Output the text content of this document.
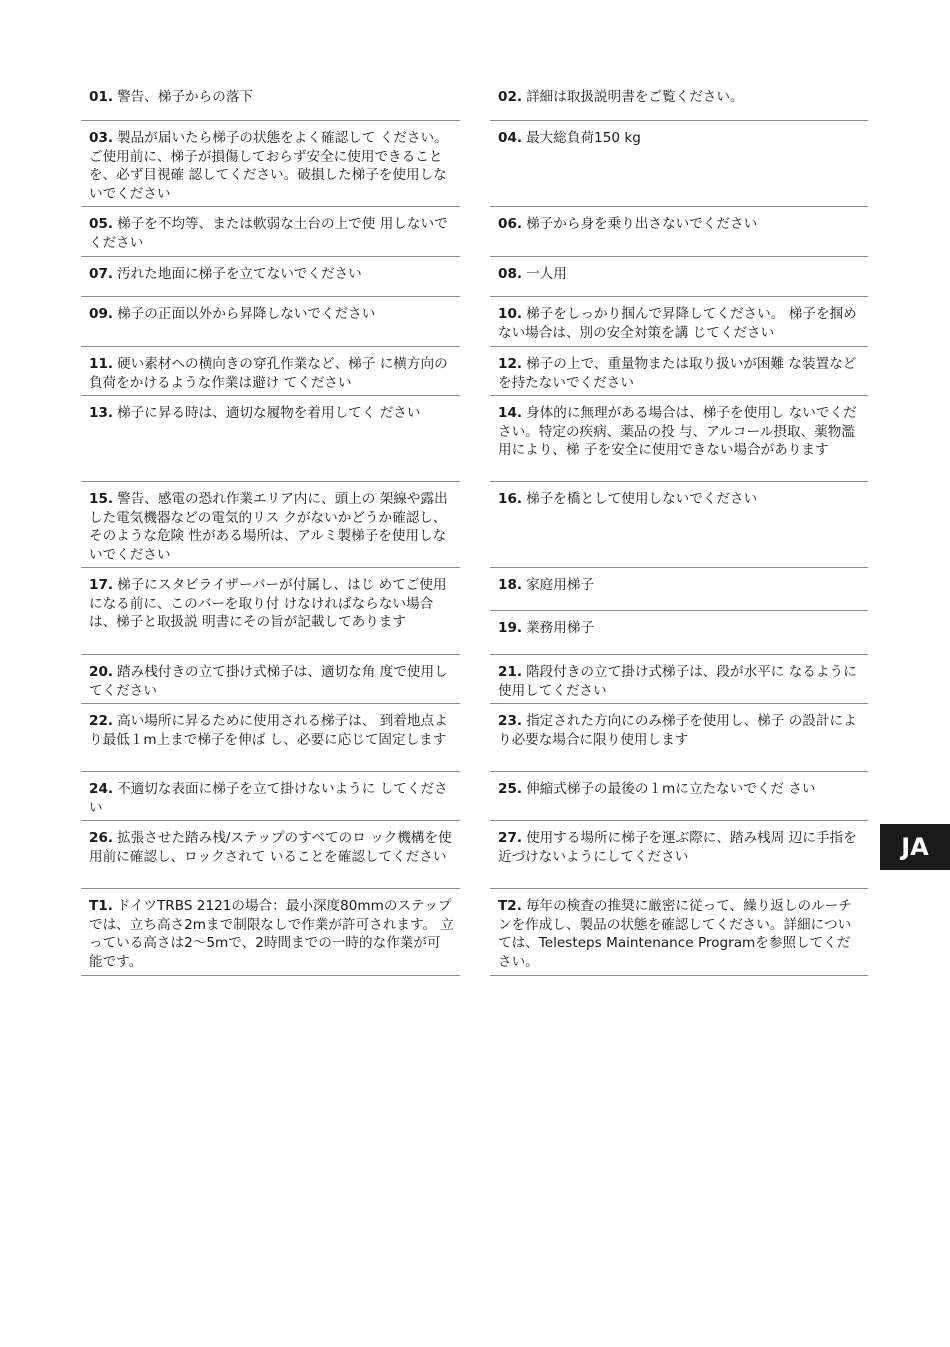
01. 警告、梯子からの落下
03. 製品が届いたら梯子の状態をよく確認して ください。ご使用前に、梯子が損傷しておらず安全に使用できることを、必ず目視確 認してください。破損した梯子を使用しな いでください
05. 梯子を不均等、または軟弱な土台の上で使 用しないでください
07. 汚れた地面に梯子を立てないでください
09. 梯子の正面以外から昇降しないでください
11. 硬い素材への横向きの穿孔作業など、梯子 に横方向の負荷をかけるような作業は避け てください
13. 梯子に昇る時は、適切な履物を着用してく ださい
15. 警告、感電の恐れ作業エリア内に、頭上の 架線や露出した電気機器などの電気的リス クがないかどうか確認し、そのような危険 性がある場所は、アルミ製梯子を使用しな いでください
17. 梯子にスタビライザーバーが付属し、はじ めてご使用になる前に、このバーを取り付 けなければならない場合は、梯子と取扱説 明書にその旨が記載してあります
20. 踏み桟付きの立て掛け式梯子は、適切な角 度で使用してください
22. 高い場所に昇るために使用される梯子は、 到着地点より最低１m上まで梯子を伸ば し、必要に応じて固定します
24. 不適切な表面に梯子を立て掛けないように してください
26. 拡張させた踏み桟/ステップのすべてのロ ック機構を使用前に確認し、ロックされて いることを確認してください
T1. ドイツTRBS 2121の場合：最小深度80mmのステップでは、立ち高さ2mまで制限なしで作業が許可されます。 立っている高さは2～5mで、2時間までの一時的な作業が可能です。
02. 詳細は取扱説明書をご覧ください。
04. 最大総負荷150 kg
06. 梯子から身を乗り出さないでください
08. 一人用
10. 梯子をしっかり掴んで昇降してください。 梯子を掴めない場合は、別の安全対策を講 じてください
12. 梯子の上で、重量物または取り扱いが困難 な装置などを持たないでください
14. 身体的に無理がある場合は、梯子を使用し ないでください。特定の疾病、薬品の投 与、アルコール摂取、薬物濫用により、梯 子を安全に使用できない場合があります
16. 梯子を橋として使用しないでください
18. 家庭用梯子
19. 業務用梯子
21. 階段付きの立て掛け式梯子は、段が水平に なるように使用してください
23. 指定された方向にのみ梯子を使用し、梯子 の設計により必要な場合に限り使用します
25. 伸縮式梯子の最後の１mに立たないでくだ さい
27. 使用する場所に梯子を運ぶ際に、踏み桟周 辺に手指を近づけないようにしてください
T2. 毎年の検査の推奨に厳密に従って、繰り返しのルーチンを作成し、製品の状態を確認してください。詳細については、Telesteps Maintenance Programを参照してください。
JA
